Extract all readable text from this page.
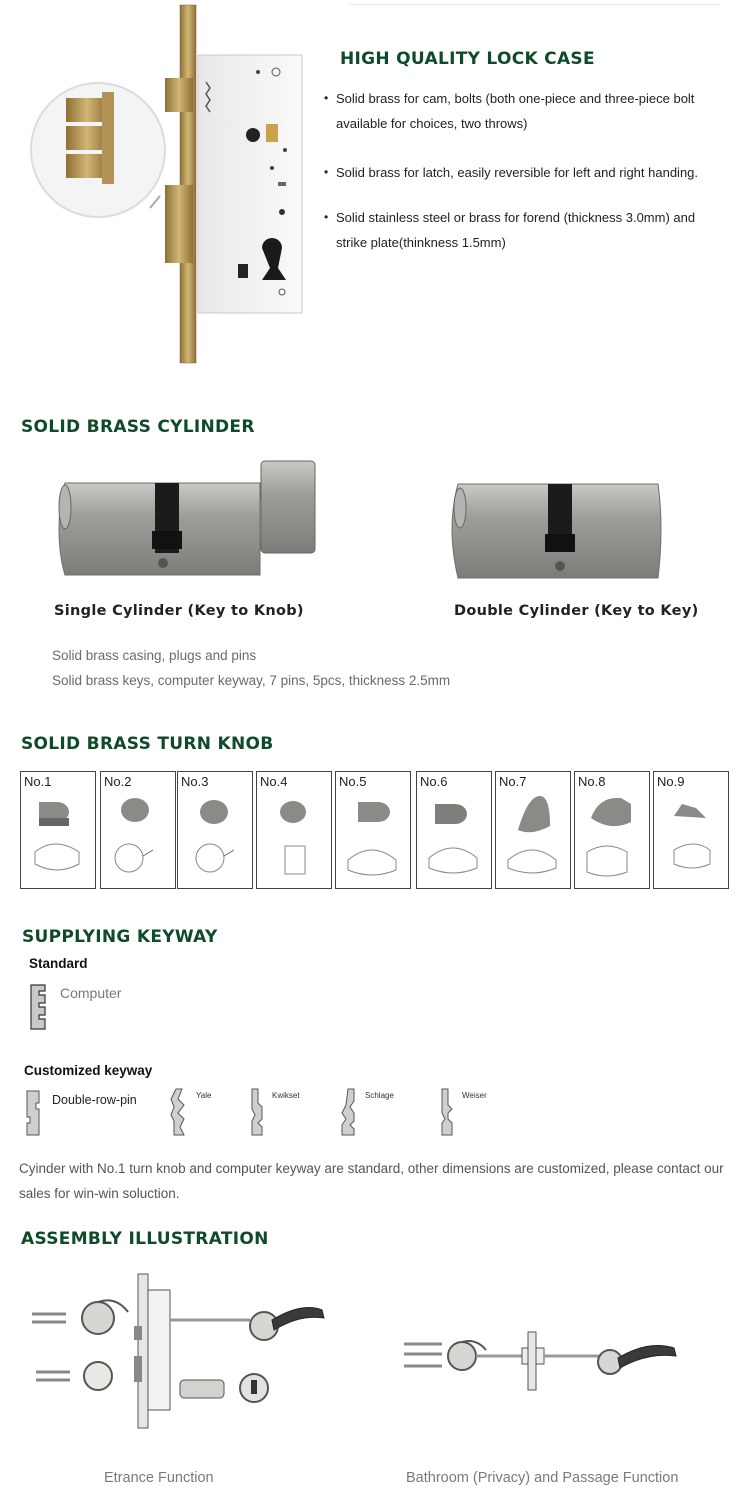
HIGH QUALITY LOCK CASE
• Solid brass for cam, bolts (both one-piece and three-piece bolt available for choices, two throws)
• Solid brass for latch, easily reversible for left and right handing.
• Solid stainless steel or brass for forend (thickness 3.0mm) and strike plate(thinkness 1.5mm)
SOLID BRASS CYLINDER
Single Cylinder (Key to Knob)	Double Cylinder (Key to Key)
Solid brass casing, plugs and pins
Solid brass keys, computer keyway, 7 pins, 5pcs, thickness 2.5mm
SOLID BRASS TURN KNOB
No.1	No.2	No.3	No.4	No.5	No.6	No.7	No.8	No.9
SUPPLYING KEYWAY
Standard
Computer
Customized keyway
Double-row-pin	Yale	Kwikset	Schlage	Weiser
Cyinder with No.1 turn knob and computer keyway are standard, other dimensions are customized, please contact our sales for win-win soluction.
ASSEMBLY ILLUSTRATION
Etrance Function	Bathroom (Privacy) and Passage Function
